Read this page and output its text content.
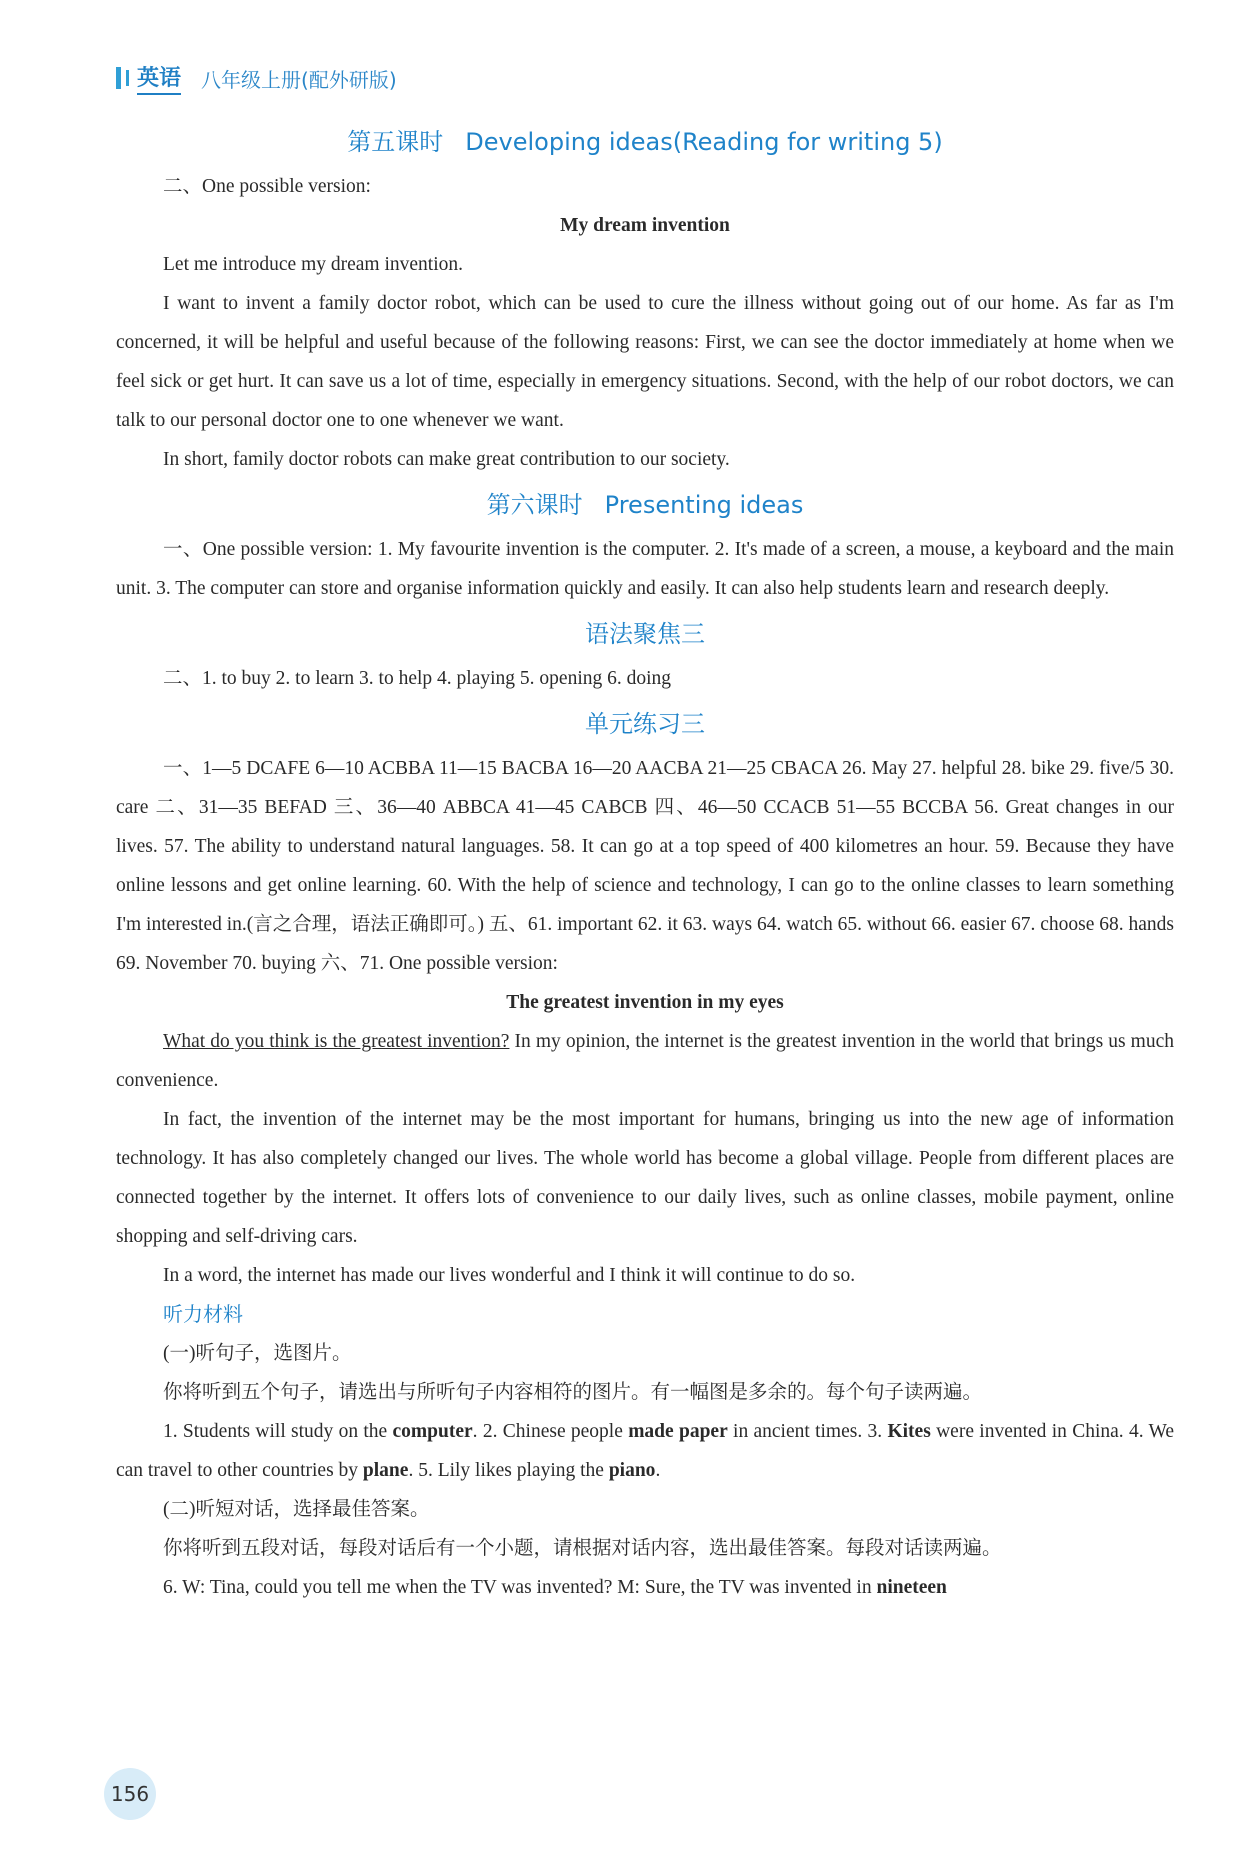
英语 八年级上册(配外研版)
第五课时 Developing ideas(Reading for writing 5)

二、One possible version:

My dream invention

Let me introduce my dream invention.

I want to invent a family doctor robot, which can be used to cure the illness without going out of our home. As far as I'm concerned, it will be helpful and useful because of the following reasons: First, we can see the doctor immediately at home when we feel sick or get hurt. It can save us a lot of time, especially in emergency situations. Second, with the help of our robot doctors, we can talk to our personal doctor one to one whenever we want.

In short, family doctor robots can make great contribution to our society.

第六课时 Presenting ideas

一、One possible version: 1. My favourite invention is the computer. 2. It's made of a screen, a mouse, a keyboard and the main unit. 3. The computer can store and organise information quickly and easily. It can also help students learn and research deeply.

语法聚焦三

二、1. to buy 2. to learn 3. to help 4. playing 5. opening 6. doing

单元练习三

一、1—5 DCAFE 6—10 ACBBA 11—15 BACBA 16—20 AACBA 21—25 CBACA 26. May 27. helpful 28. bike 29. five/5 30. care 二、31—35 BEFAD 三、36—40 ABBCA 41—45 CABCB 四、46—50 CCACB 51—55 BCCBA 56. Great changes in our lives. 57. The ability to understand natural languages. 58. It can go at a top speed of 400 kilometres an hour. 59. Because they have online lessons and get online learning. 60. With the help of science and technology, I can go to the online classes to learn something I'm interested in.(言之合理，语法正确即可。) 五、61. important 62. it 63. ways 64. watch 65. without 66. easier 67. choose 68. hands 69. November 70. buying 六、71. One possible version:

The greatest invention in my eyes

What do you think is the greatest invention? In my opinion, the internet is the greatest invention in the world that brings us much convenience.

In fact, the invention of the internet may be the most important for humans, bringing us into the new age of information technology. It has also completely changed our lives. The whole world has become a global village. People from different places are connected together by the internet. It offers lots of convenience to our daily lives, such as online classes, mobile payment, online shopping and self-driving cars.

In a word, the internet has made our lives wonderful and I think it will continue to do so.

听力材料

(一)听句子，选图片。

你将听到五个句子，请选出与所听句子内容相符的图片。有一幅图是多余的。每个句子读两遍。

1. Students will study on the computer. 2. Chinese people made paper in ancient times. 3. Kites were invented in China. 4. We can travel to other countries by plane. 5. Lily likes playing the piano.

(二)听短对话，选择最佳答案。

你将听到五段对话，每段对话后有一个小题，请根据对话内容，选出最佳答案。每段对话读两遍。

6. W: Tina, could you tell me when the TV was invented? M: Sure, the TV was invented in nineteen

156
